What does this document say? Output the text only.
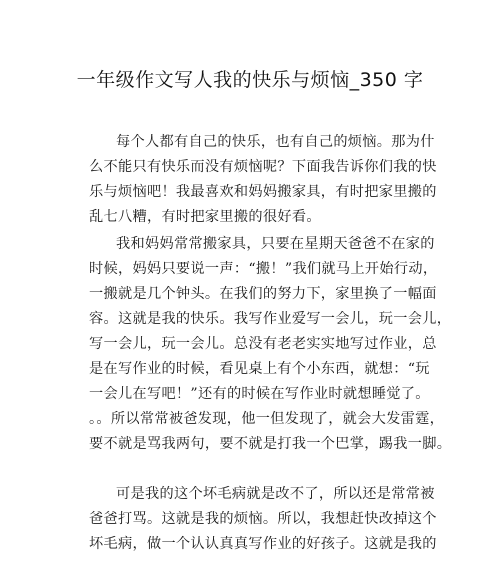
一年级作文写人我的快乐与烦恼_350 字
每个人都有自己的快乐，也有自己的烦恼。那为什
么不能只有快乐而没有烦恼呢？下面我告诉你们我的快
乐与烦恼吧！我最喜欢和妈妈搬家具，有时把家里搬的
乱七八糟，有时把家里搬的很好看。
我和妈妈常常搬家具，只要在星期天爸爸不在家的
时候，妈妈只要说一声：“搬！”我们就马上开始行动，
一搬就是几个钟头。在我们的努力下，家里换了一幅面
容。这就是我的快乐。我写作业爱写一会儿，玩一会儿，
写一会儿，玩一会儿。总没有老老实实地写过作业，总
是在写作业的时候，看见桌上有个小东西，就想：“玩
一会儿在写吧！”还有的时候在写作业时就想睡觉了。
。。所以常常被爸发现，他一但发现了，就会大发雷霆，
要不就是骂我两句，要不就是打我一个巴掌，踢我一脚。
可是我的这个坏毛病就是改不了，所以还是常常被
爸爸打骂。这就是我的烦恼。所以，我想赶快改掉这个
坏毛病，做一个认认真真写作业的好孩子。这就是我的
